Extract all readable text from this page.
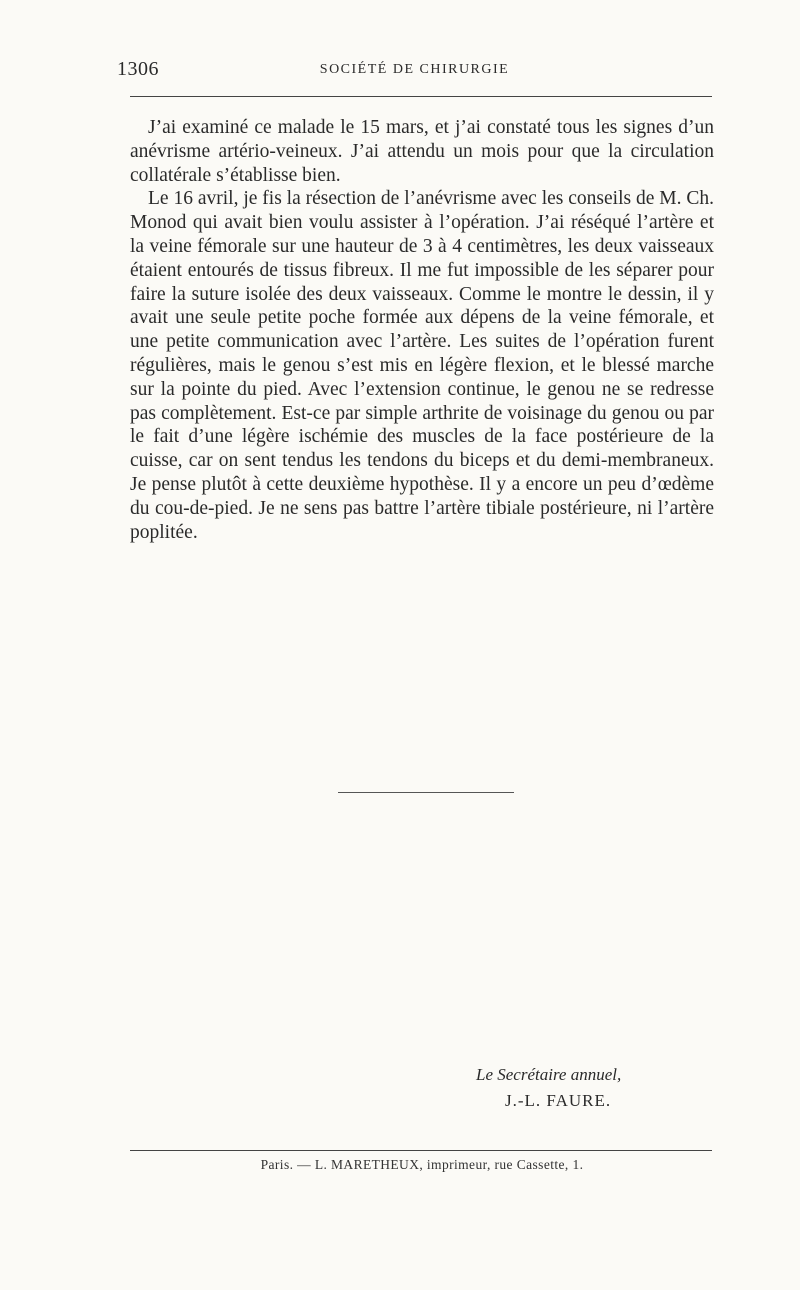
1306	SOCIÉTÉ DE CHIRURGIE

J’ai examiné ce malade le 15 mars, et j’ai constaté tous les signes d’un anévrisme artério-veineux. J’ai attendu un mois pour que la circulation collatérale s’établisse bien.

Le 16 avril, je fis la résection de l’anévrisme avec les conseils de M. Ch. Monod qui avait bien voulu assister à l’opération. J’ai réséqué l’artère et la veine fémorale sur une hauteur de 3 à 4 centimètres, les deux vaisseaux étaient entourés de tissus fibreux. Il me fut impossible de les séparer pour faire la suture isolée des deux vaisseaux. Comme le montre le dessin, il y avait une seule petite poche formée aux dépens de la veine fémorale, et une petite communication avec l’artère. Les suites de l’opération furent régulières, mais le genou s’est mis en légère flexion, et le blessé marche sur la pointe du pied. Avec l’extension continue, le genou ne se redresse pas complètement. Est-ce par simple arthrite de voisinage du genou ou par le fait d’une légère ischémie des muscles de la face postérieure de la cuisse, car on sent tendus les tendons du biceps et du demi-membraneux. Je pense plutôt à cette deuxième hypothèse. Il y a encore un peu d’œdème du cou-de-pied. Je ne sens pas battre l’artère tibiale postérieure, ni l’artère poplitée.

Le Secrétaire annuel,
J.-L. FAURE.
Paris. — L. MARETHEUX, imprimeur, rue Cassette, 1.
